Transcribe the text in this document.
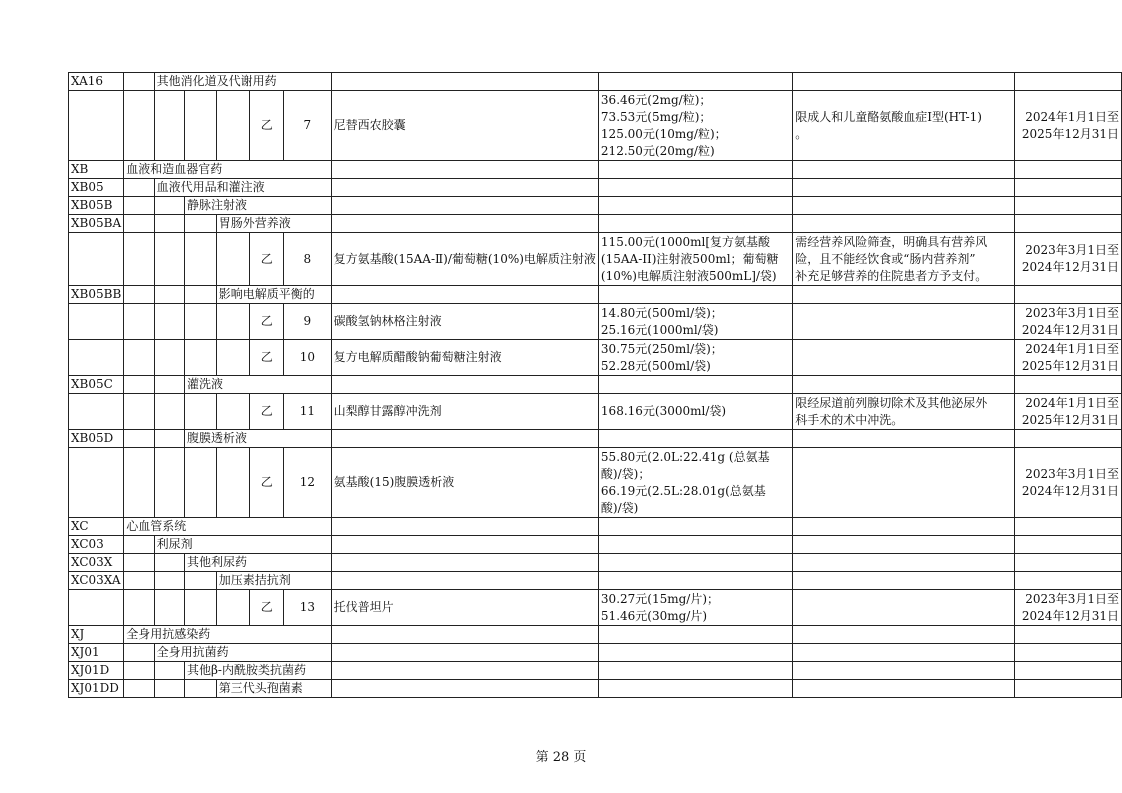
XA16		其他消化道及代谢用药								
					乙	7	尼替西农胶囊	36.46元(2mg/粒)；
73.53元(5mg/粒)；
125.00元(10mg/粒)；
212.50元(20mg/粒)	限成人和儿童酪氨酸血症Ⅰ型(HT-1)
。	2024年1月1日至
2025年12月31日

XB	血液和造血器官药									
XB05		血液代用品和灌注液								
XB05B			静脉注射液							
XB05BA				胃肠外营养液						
					乙	8	复方氨基酸(15AA-Ⅱ)/葡萄糖(10%)电解质注射液	115.00元(1000ml[复方氨基酸
(15AA-II)注射液500ml；葡萄糖
(10%)电解质注射液500mL]/袋)	需经营养风险筛查，明确具有营养风
险，且不能经饮食或“肠内营养剂”
补充足够营养的住院患者方予支付。	2023年3月1日至
2024年12月31日

XB05BB				影响电解质平衡的						
					乙	9	碳酸氢钠林格注射液	14.80元(500ml/袋)；
25.16元(1000ml/袋)		2023年3月1日至
2024年12月31日

					乙	10	复方电解质醋酸钠葡萄糖注射液	30.75元(250ml/袋)；
52.28元(500ml/袋)		2024年1月1日至
2025年12月31日

XB05C			灌洗液							
					乙	11	山梨醇甘露醇冲洗剂	168.16元(3000ml/袋)	限经尿道前列腺切除术及其他泌尿外
科手术的术中冲洗。	2024年1月1日至
2025年12月31日

XB05D			腹膜透析液							
					乙	12	氨基酸(15)腹膜透析液	55.80元(2.0L:22.41g (总氨基
酸)/袋)；
66.19元(2.5L:28.01g(总氨基
酸)/袋)		2023年3月1日至
2024年12月31日

XC	心血管系统									
XC03		利尿剂								
XC03X			其他利尿药							
XC03XA				加压素拮抗剂						
					乙	13	托伐普坦片	30.27元(15mg/片)；
51.46元(30mg/片)		2023年3月1日至
2024年12月31日

XJ	全身用抗感染药									
XJ01		全身用抗菌药								
XJ01D			其他β-内酰胺类抗菌药							
XJ01DD				第三代头孢菌素						
第 28 页
